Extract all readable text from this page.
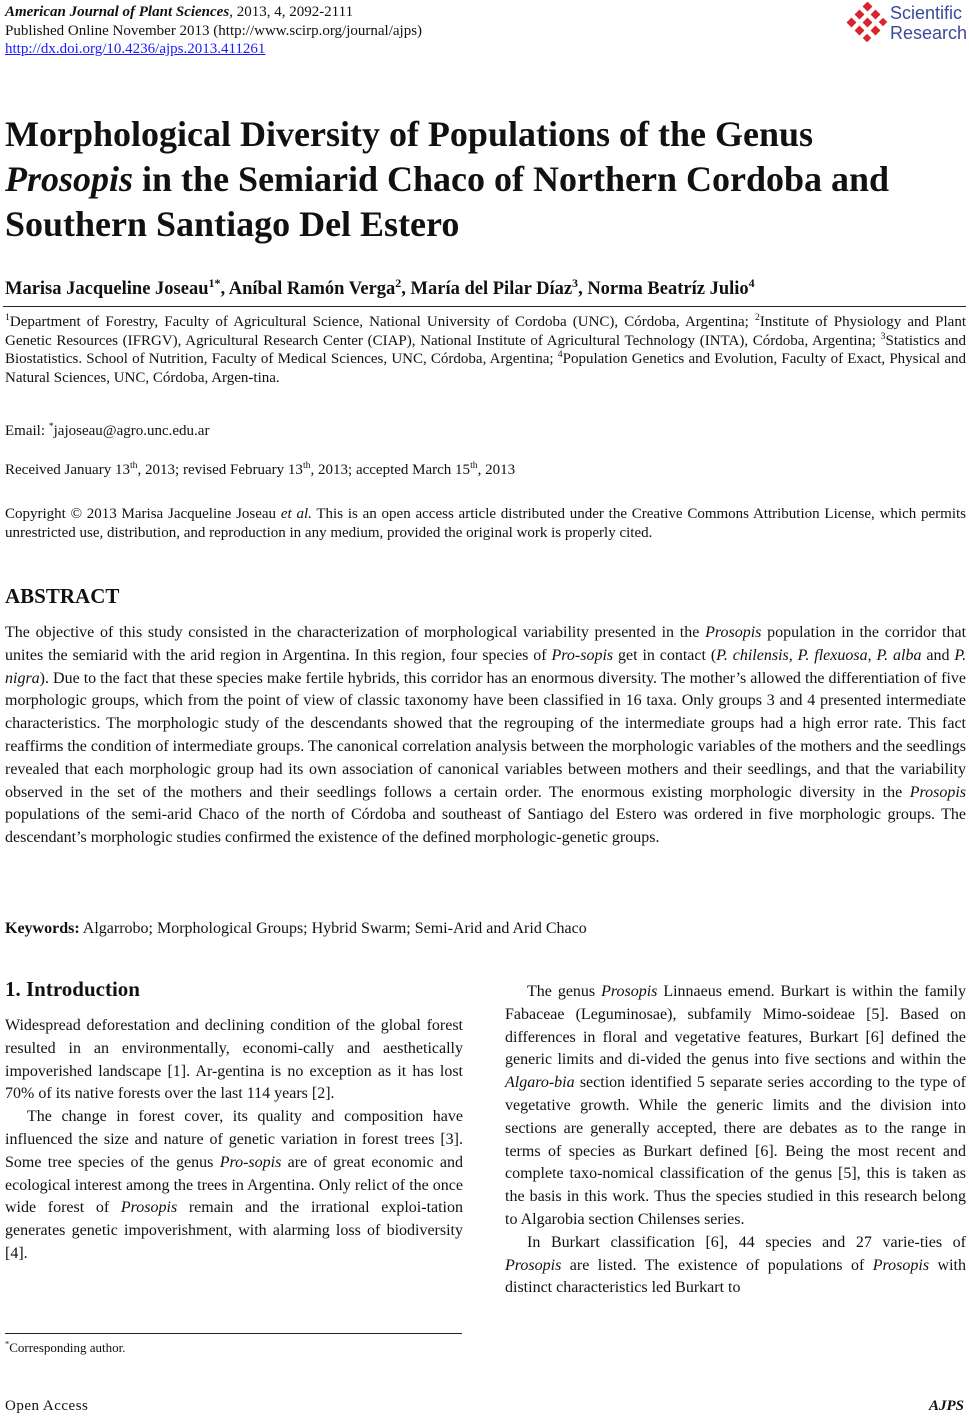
American Journal of Plant Sciences, 2013, 4, 2092-2111
Published Online November 2013 (http://www.scirp.org/journal/ajps)
http://dx.doi.org/10.4236/ajps.2013.411261
Scientific
Research
Morphological Diversity of Populations of the Genus
Prosopis in the Semiarid Chaco of Northern Cordoba and Southern Santiago Del Estero
Marisa Jacqueline Joseau$^{1*}$, Aníbal Ramón Verga$^2$, María del Pilar Díaz$^3$, Norma Beatríz Julio$^4$
$^1$Department of Forestry, Faculty of Agricultural Science, National University of Cordoba (UNC), Córdoba, Argentina; $^2$Institute of Physiology and Plant Genetic Resources (IFRGV), Agricultural Research Center (CIAP), National Institute of Agricultural Technology (INTA), Córdoba, Argentina; $^3$Statistics and Biostatistics. School of Nutrition, Faculty of Medical Sciences, UNC, Córdoba, Argentina; $^4$Population Genetics and Evolution, Faculty of Exact, Physical and Natural Sciences, UNC, Córdoba, Argen-tina.
Email: *jajoseau@agro.unc.edu.ar
Received January 13th, 2013; revised February 13th, 2013; accepted March 15th, 2013
Copyright © 2013 Marisa Jacqueline Joseau et al. This is an open access article distributed under the Creative Commons Attribution License, which permits unrestricted use, distribution, and reproduction in any medium, provided the original work is properly cited.
ABSTRACT
The objective of this study consisted in the characterization of morphological variability presented in the Prosopis population in the corridor that unites the semiarid with the arid region in Argentina. In this region, four species of Pro-sopis get in contact (P. chilensis, P. flexuosa, P. alba and P. nigra). Due to the fact that these species make fertile hybrids, this corridor has an enormous diversity. The mother’s allowed the differentiation of five morphologic groups, which from the point of view of classic taxonomy have been classified in 16 taxa. Only groups 3 and 4 presented intermediate characteristics. The morphologic study of the descendants showed that the regrouping of the intermediate groups had a high error rate. This fact reaffirms the condition of intermediate groups. The canonical correlation analysis between the morphologic variables of the mothers and the seedlings revealed that each morphologic group had its own association of canonical variables between mothers and their seedlings, and that the variability observed in the set of the mothers and their seedlings follows a certain order. The enormous existing morphologic diversity in the Prosopis populations of the semi-arid Chaco of the north of Córdoba and southeast of Santiago del Estero was ordered in five morphologic groups. The descendant’s morphologic studies confirmed the existence of the defined morphologic-genetic groups.
Keywords: Algarrobo; Morphological Groups; Hybrid Swarm; Semi-Arid and Arid Chaco
1. Introduction

Widespread deforestation and declining condition of the global forest resulted in an environmentally, economi-cally and aesthetically impoverished landscape [1]. Ar-gentina is no exception as it has lost 70% of its native forests over the last 114 years [2].

The change in forest cover, its quality and composition have influenced the size and nature of genetic variation in forest trees [3]. Some tree species of the genus Pro-sopis are of great economic and ecological interest among the trees in Argentina. Only relict of the once wide forest of Prosopis remain and the irrational exploi-tation generates genetic impoverishment, with alarming loss of biodiversity [4].

The genus Prosopis Linnaeus emend. Burkart is within the family Fabaceae (Leguminosae), subfamily Mimo-soideae [5]. Based on differences in floral and vegetative features, Burkart [6] defined the generic limits and di-vided the genus into five sections and within the Algaro-bia section identified 5 separate series according to the type of vegetative growth. While the generic limits and the division into sections are generally accepted, there are debates as to the range in terms of species as Burkart defined [6]. Being the most recent and complete taxo-nomical classification of the genus [5], this is taken as the basis in this work. Thus the species studied in this research belong to Algarobia section Chilenses series.

In Burkart classification [6], 44 species and 27 varie-ties of Prosopis are listed. The existence of populations of Prosopis with distinct characteristics led Burkart to

*Corresponding author.
Open Access	AJPS
